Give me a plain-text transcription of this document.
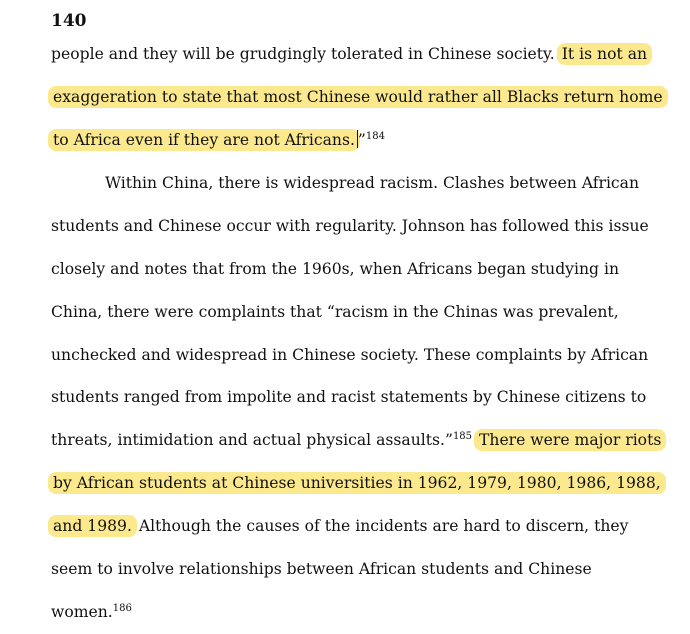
140
people and they will be grudgingly tolerated in Chinese society. It is not an
exaggeration to state that most Chinese would rather all Blacks return home
to Africa even if they are not Africans. ”$^{184}$
Within China, there is widespread racism. Clashes between African
students and Chinese occur with regularity. Johnson has followed this issue
closely and notes that from the 1960s, when Africans began studying in
China, there were complaints that “racism in the Chinas was prevalent,
unchecked and widespread in Chinese society. These complaints by African
students ranged from impolite and racist statements by Chinese citizens to
threats, intimidation and actual physical assaults.”$^{185}$ There were major riots
by African students at Chinese universities in 1962, 1979, 1980, 1986, 1988,
and 1989. Although the causes of the incidents are hard to discern, they
seem to involve relationships between African students and Chinese
women.$^{186}$
